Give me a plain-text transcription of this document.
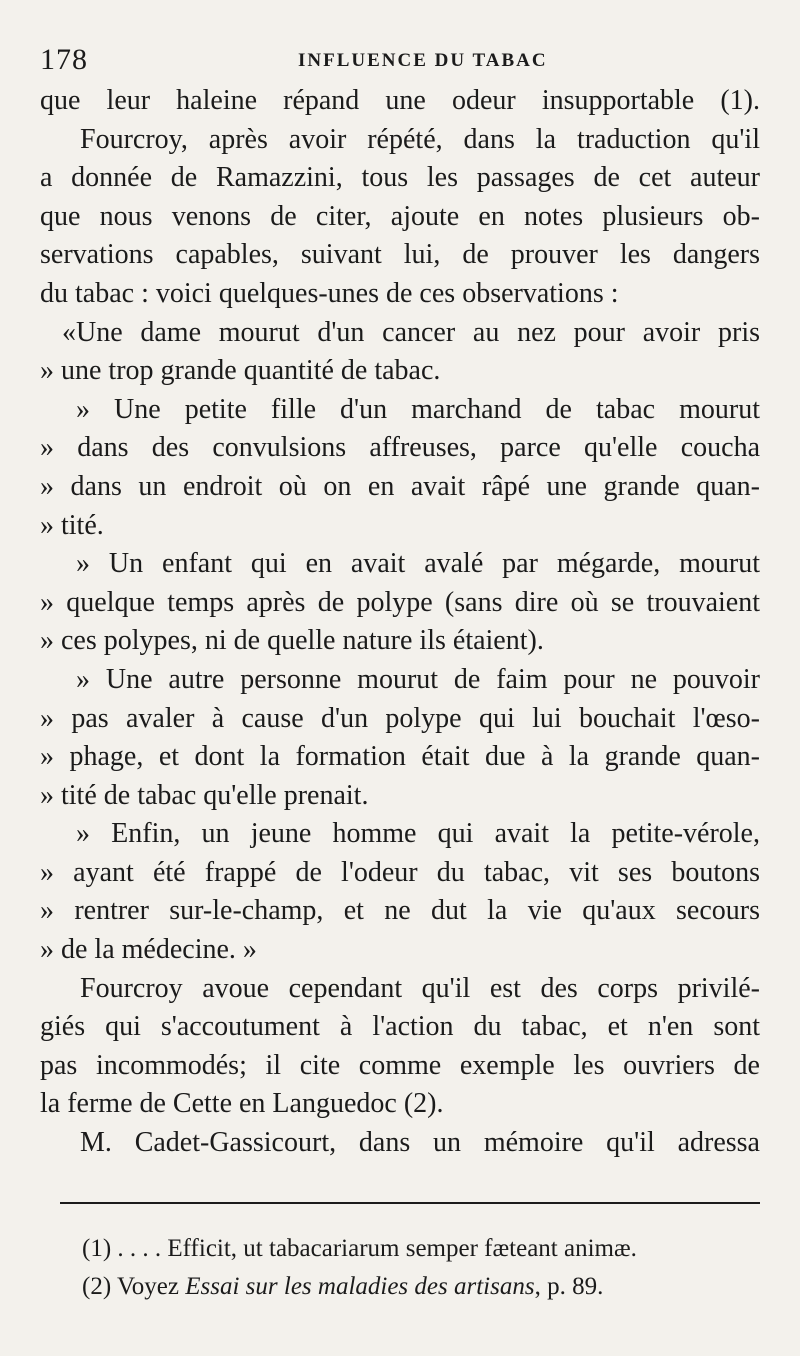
178	INFLUENCE DU TABAC
que leur haleine répand une odeur insupportable (1).
Fourcroy, après avoir répété, dans la traduction qu'il
a donnée de Ramazzini, tous les passages de cet auteur
que nous venons de citer, ajoute en notes plusieurs ob-
servations capables, suivant lui, de prouver les dangers
du tabac : voici quelques-unes de ces observations :
«Une dame mourut d'un cancer au nez pour avoir pris
» une trop grande quantité de tabac.
» Une petite fille d'un marchand de tabac mourut
» dans des convulsions affreuses, parce qu'elle coucha
» dans un endroit où on en avait râpé une grande quan-
» tité.
» Un enfant qui en avait avalé par mégarde, mourut
» quelque temps après de polype (sans dire où se trouvaient
» ces polypes, ni de quelle nature ils étaient).
» Une autre personne mourut de faim pour ne pouvoir
» pas avaler à cause d'un polype qui lui bouchait l'œso-
» phage, et dont la formation était due à la grande quan-
» tité de tabac qu'elle prenait.
» Enfin, un jeune homme qui avait la petite-vérole,
» ayant été frappé de l'odeur du tabac, vit ses boutons
» rentrer sur-le-champ, et ne dut la vie qu'aux secours
» de la médecine. »
Fourcroy avoue cependant qu'il est des corps privilé-
giés qui s'accoutument à l'action du tabac, et n'en sont
pas incommodés; il cite comme exemple les ouvriers de
la ferme de Cette en Languedoc (2).
M. Cadet-Gassicourt, dans un mémoire qu'il adressa
(1) . . . . Efficit, ut tabacariarum semper fæteant animæ.
(2) Voyez Essai sur les maladies des artisans, p. 89.
